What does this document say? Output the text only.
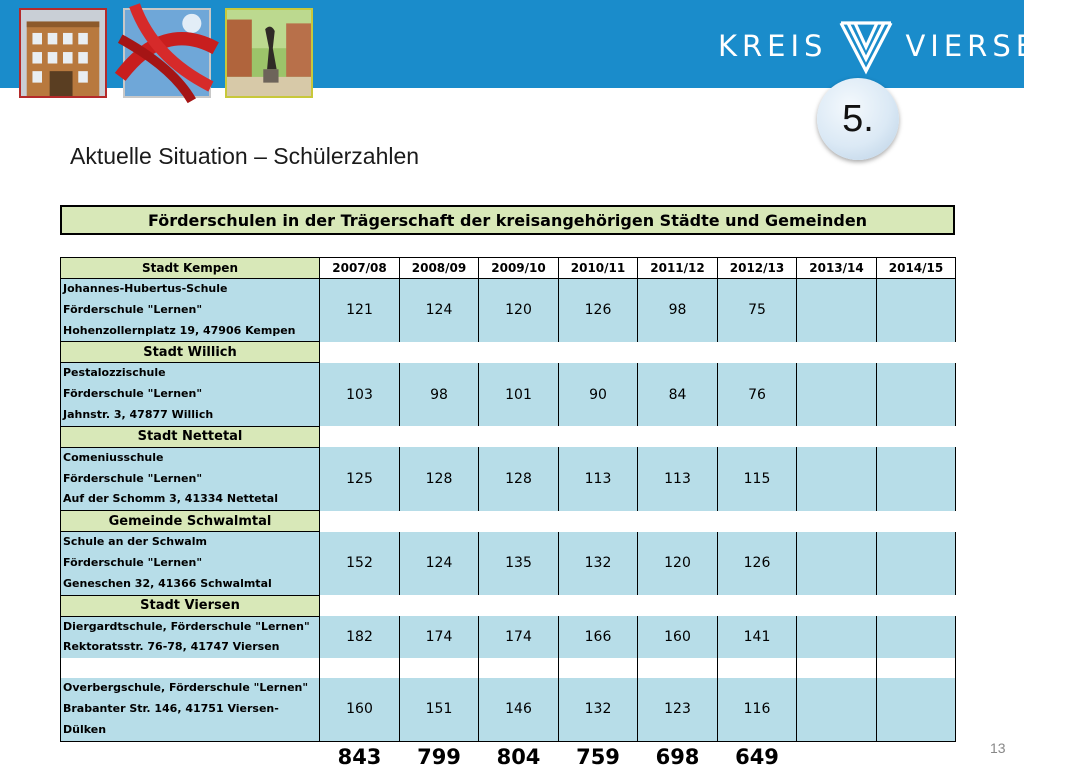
KREIS	VIERSEN
5.
Aktuelle Situation – Schülerzahlen
Förderschulen in der Trägerschaft der kreisangehörigen Städte und Gemeinden
Stadt Kempen	2007/08	2008/09	2009/10	2010/11	2011/12	2012/13	2013/14	2014/15

Johannes-Hubertus-Schule
Förderschule "Lernen"
Hohenzollernplatz 19, 47906 Kempen	121	124	120	126	98	75		
Stadt Willich								

Pestalozzischule
Förderschule "Lernen"
Jahnstr. 3, 47877 Willich	103	98	101	90	84	76		
Stadt Nettetal								

Comeniusschule
Förderschule "Lernen"
Auf der Schomm 3, 41334 Nettetal	125	128	128	113	113	115		
Gemeinde Schwalmtal								

Schule an der Schwalm
Förderschule "Lernen"
Geneschen 32, 41366 Schwalmtal	152	124	135	132	120	126		
Stadt Viersen								

Diergardtschule, Förderschule "Lernen"
Rektoratsstr. 76-78, 41747 Viersen	182	174	174	166	160	141		

Overbergschule, Förderschule "Lernen"
Brabanter Str. 146, 41751 Viersen-Dülken	160	151	146	132	123	116		
	843	799	804	759	698	649			13
